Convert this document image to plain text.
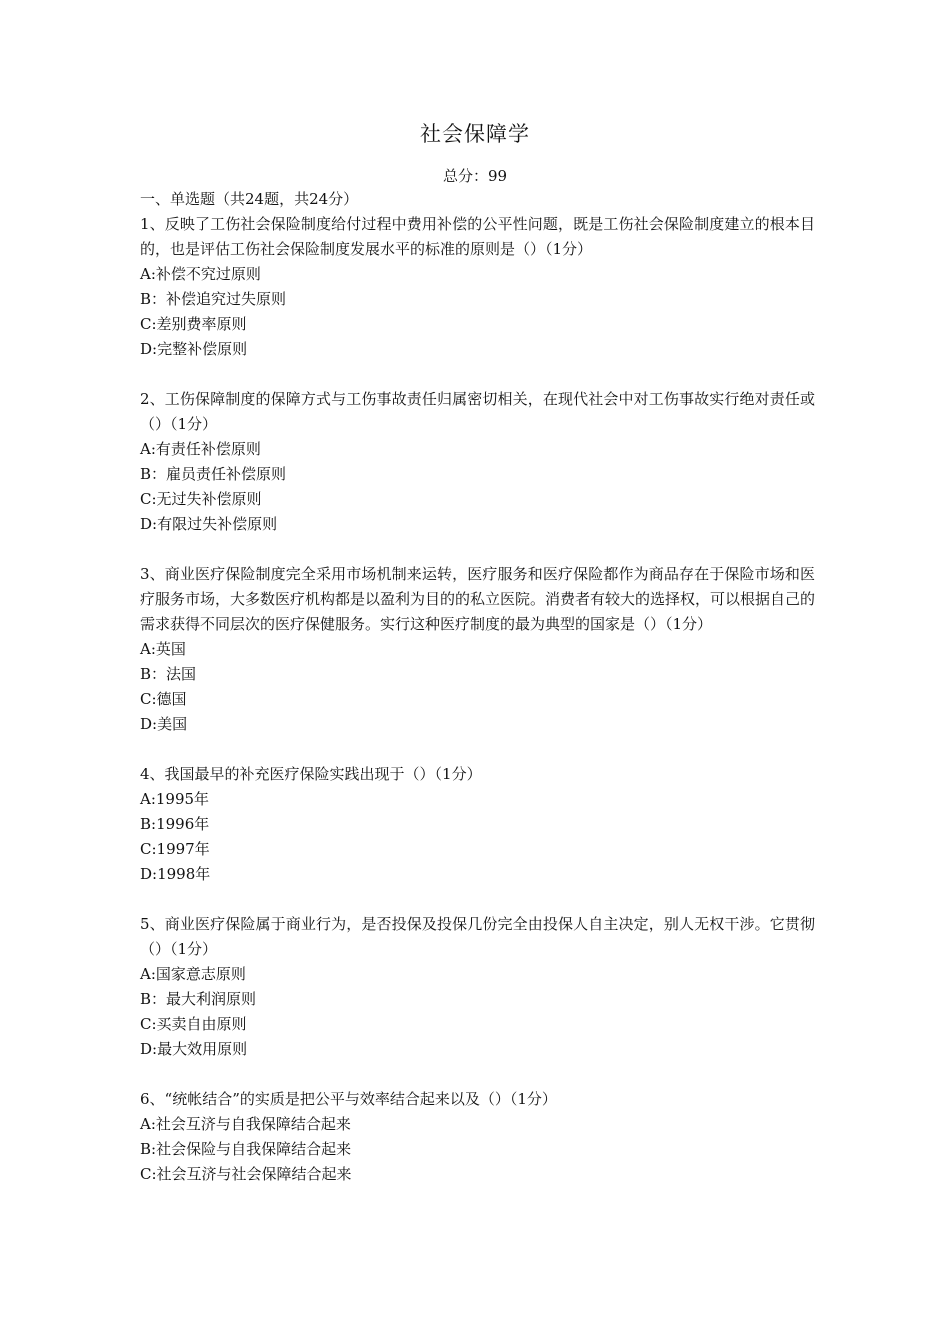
社会保障学
总分：99

一、单选题（共24题，共24分）

1、反映了工伤社会保险制度给付过程中费用补偿的公平性问题，既是工伤社会保险制度建立的根本目的，也是评估工伤社会保险制度发展水平的标准的原则是（）（1分）

A:补偿不究过原则

B：补偿追究过失原则

C:差别费率原则

D:完整补偿原则

2、工伤保障制度的保障方式与工伤事故责任归属密切相关，在现代社会中对工伤事故实行绝对责任或（）（1分）

A:有责任补偿原则

B：雇员责任补偿原则

C:无过失补偿原则

D:有限过失补偿原则

3、商业医疗保险制度完全采用市场机制来运转，医疗服务和医疗保险都作为商品存在于保险市场和医疗服务市场，大多数医疗机构都是以盈利为目的的私立医院。消费者有较大的选择权，可以根据自己的需求获得不同层次的医疗保健服务。实行这种医疗制度的最为典型的国家是（）（1分）

A:英国

B：法国

C:德国

D:美国

4、我国最早的补充医疗保险实践出现于（）（1分）

A:1995年

B:1996年

C:1997年

D:1998年

5、商业医疗保险属于商业行为，是否投保及投保几份完全由投保人自主决定，别人无权干涉。它贯彻（）（1分）

A:国家意志原则

B：最大利润原则

C:买卖自由原则

D:最大效用原则

6、“统帐结合”的实质是把公平与效率结合起来以及（）（1分）

A:社会互济与自我保障结合起来

B:社会保险与自我保障结合起来

C:社会互济与社会保障结合起来
